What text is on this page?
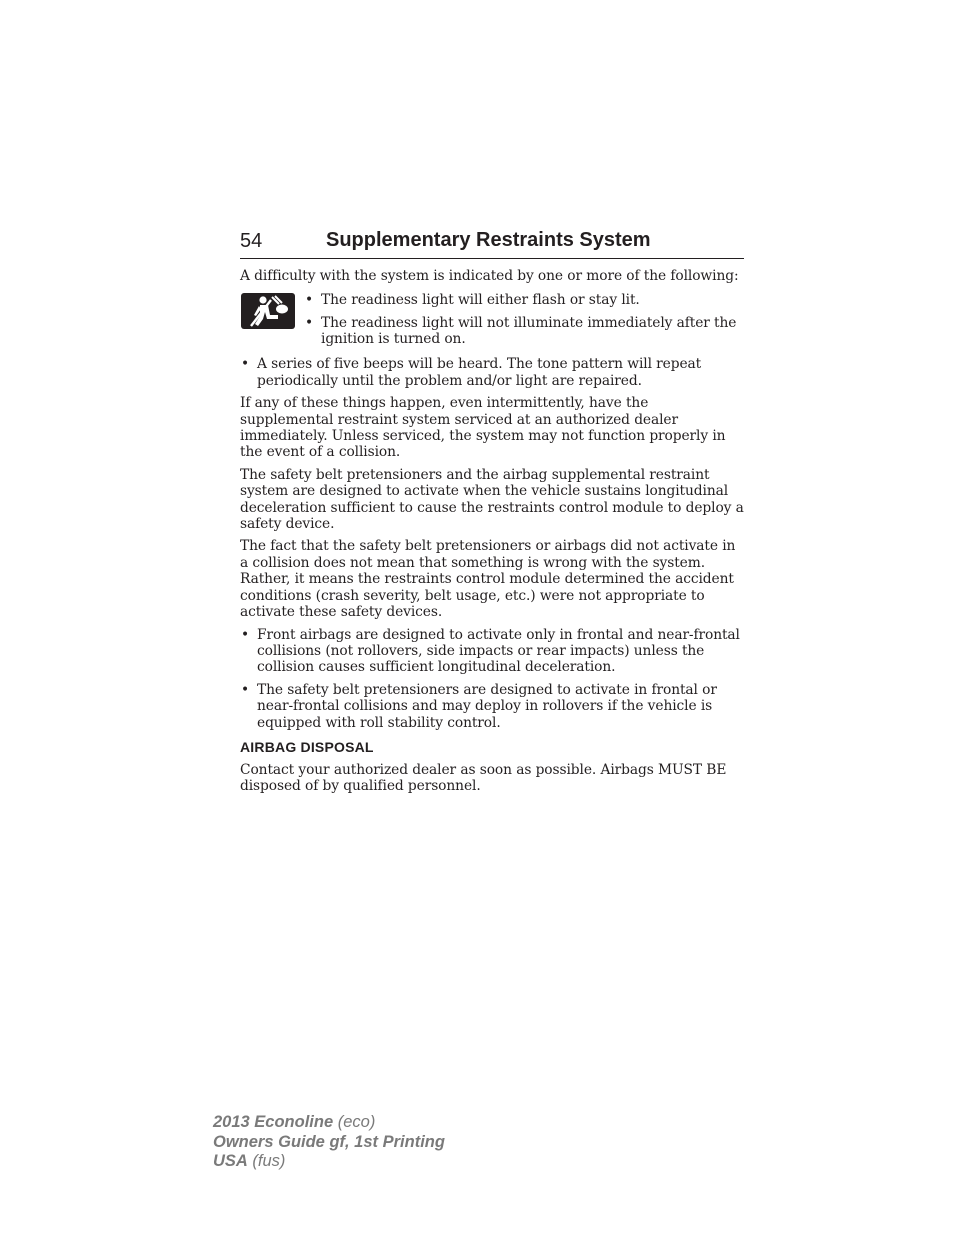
54	Supplementary Restraints System

A difficulty with the system is indicated by one or more of the following:

• The readiness light will either flash or stay lit.
• The readiness light will not illuminate immediately after the ignition is turned on.
• A series of five beeps will be heard. The tone pattern will repeat periodically until the problem and/or light are repaired.

If any of these things happen, even intermittently, have the supplemental restraint system serviced at an authorized dealer immediately. Unless serviced, the system may not function properly in the event of a collision.

The safety belt pretensioners and the airbag supplemental restraint system are designed to activate when the vehicle sustains longitudinal deceleration sufficient to cause the restraints control module to deploy a safety device.

The fact that the safety belt pretensioners or airbags did not activate in a collision does not mean that something is wrong with the system. Rather, it means the restraints control module determined the accident conditions (crash severity, belt usage, etc.) were not appropriate to activate these safety devices.

• Front airbags are designed to activate only in frontal and near-frontal collisions (not rollovers, side impacts or rear impacts) unless the collision causes sufficient longitudinal deceleration.
• The safety belt pretensioners are designed to activate in frontal or near-frontal collisions and may deploy in rollovers if the vehicle is equipped with roll stability control.
AIRBAG DISPOSAL

Contact your authorized dealer as soon as possible. Airbags MUST BE disposed of by qualified personnel.

2013 Econoline (eco)
Owners Guide gf, 1st Printing
USA (fus)
